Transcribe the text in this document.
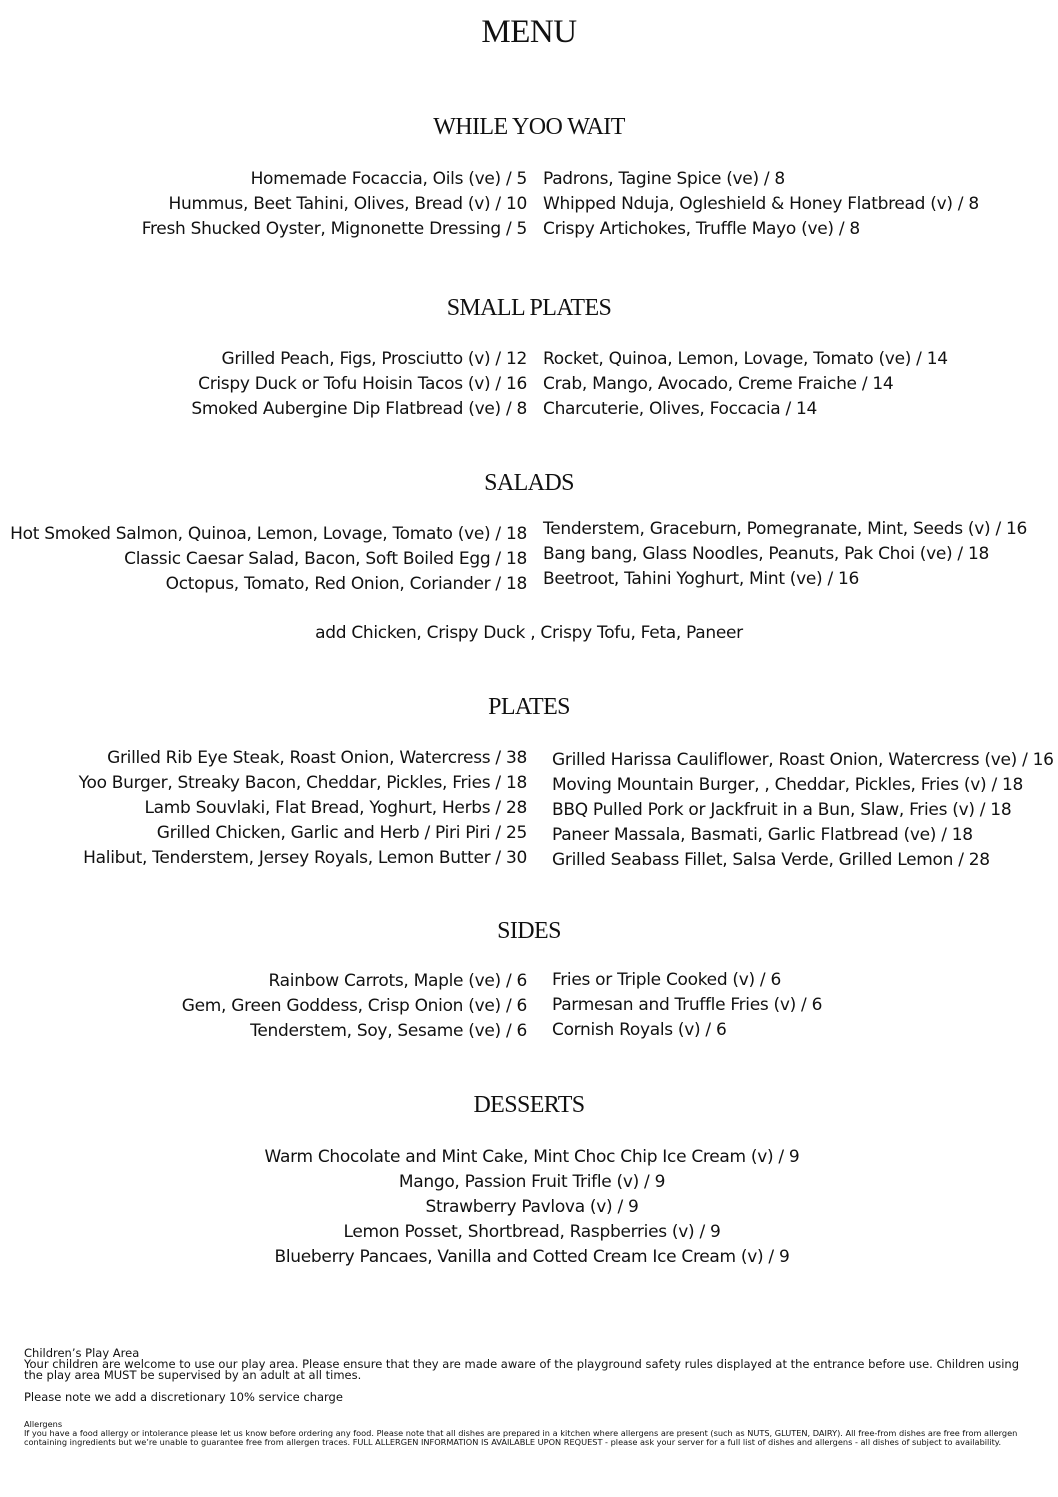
MENU
WHILE YOO WAIT
Homemade Focaccia, Oils (ve) / 5
Hummus, Beet Tahini, Olives, Bread (v) / 10
Fresh Shucked Oyster, Mignonette Dressing / 5
Padrons, Tagine Spice (ve) / 8
Whipped Nduja, Ogleshield & Honey Flatbread (v) / 8
Crispy Artichokes, Truffle Mayo (ve) / 8
SMALL PLATES
Grilled Peach, Figs, Prosciutto (v) / 12
Crispy Duck or Tofu Hoisin Tacos (v) / 16
Smoked Aubergine Dip Flatbread (ve) / 8
Rocket, Quinoa, Lemon, Lovage, Tomato (ve) / 14
Crab, Mango, Avocado, Creme Fraiche / 14
Charcuterie, Olives, Foccacia / 14
SALADS
Hot Smoked Salmon, Quinoa, Lemon, Lovage, Tomato (ve) / 18
Classic Caesar Salad, Bacon, Soft Boiled Egg / 18
Octopus, Tomato, Red Onion, Coriander / 18
Tenderstem, Graceburn, Pomegranate, Mint, Seeds (v) / 16
Bang bang, Glass Noodles, Peanuts, Pak Choi (ve) / 18
Beetroot, Tahini Yoghurt, Mint (ve) / 16

add Chicken, Crispy Duck , Crispy Tofu, Feta, Paneer

PLATES
Grilled Rib Eye Steak, Roast Onion, Watercress / 38
Yoo Burger, Streaky Bacon, Cheddar, Pickles, Fries / 18
Lamb Souvlaki, Flat Bread, Yoghurt, Herbs / 28
Grilled Chicken, Garlic and Herb / Piri Piri / 25
Halibut, Tenderstem, Jersey Royals, Lemon Butter / 30
Grilled Harissa Cauliflower, Roast Onion, Watercress (ve) / 16
Moving Mountain Burger, , Cheddar, Pickles, Fries (v) / 18
BBQ Pulled Pork or Jackfruit in a Bun, Slaw, Fries (v) / 18
Paneer Massala, Basmati, Garlic Flatbread (ve) / 18
Grilled Seabass Fillet, Salsa Verde, Grilled Lemon / 28
SIDES
Rainbow Carrots, Maple (ve) / 6
Gem, Green Goddess, Crisp Onion (ve) / 6
Tenderstem, Soy, Sesame (ve) / 6
Fries or Triple Cooked (v) / 6
Parmesan and Truffle Fries (v) / 6
Cornish Royals (v) / 6
DESSERTS
Warm Chocolate and Mint Cake, Mint Choc Chip Ice Cream (v) / 9
Mango, Passion Fruit Trifle (v) / 9
Strawberry Pavlova (v) / 9
Lemon Posset, Shortbread, Raspberries (v) / 9
Blueberry Pancaes, Vanilla and Cotted Cream Ice Cream (v) / 9

Children’s Play Area

Your children are welcome to use our play area. Please ensure that they are made aware of the playground safety rules displayed at the entrance before use. Children using the play area MUST be supervised by an adult at all times.

Please note we add a discretionary 10% service charge

Allergens

If you have a food allergy or intolerance please let us know before ordering any food. Please note that all dishes are prepared in a kitchen where allergens are present (such as NUTS, GLUTEN, DAIRY). All free-from dishes are free from allergen containing ingredients but we’re unable to guarantee free from allergen traces. FULL ALLERGEN INFORMATION IS AVAILABLE UPON REQUEST - please ask your server for a full list of dishes and allergens - all dishes of subject to availability.
